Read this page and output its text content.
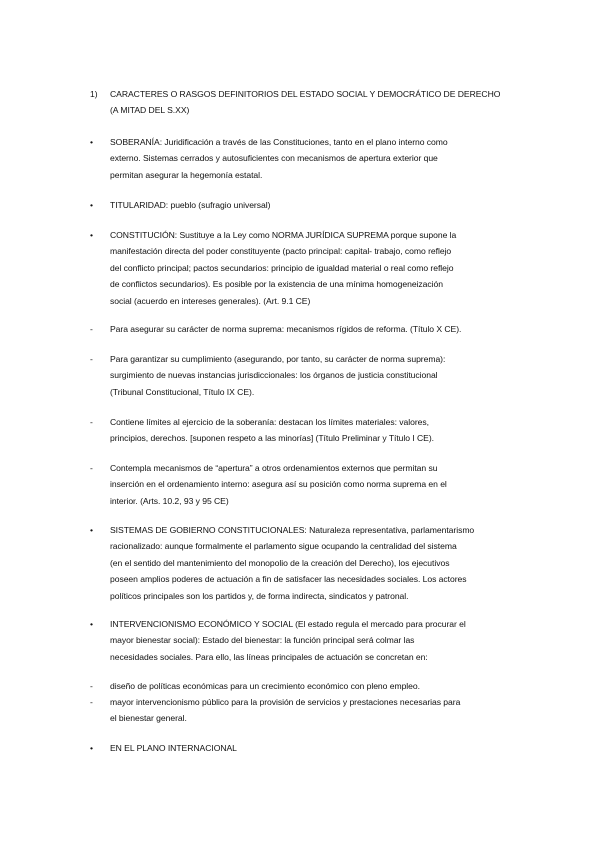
1)	CARACTERES O RASGOS DEFINITORIOS DEL ESTADO SOCIAL Y DEMOCRÁTICO DE DERECHO
(A MITAD DEL S.XX)
•	SOBERANÍA: Juridificación a través de las Constituciones, tanto en el plano interno como
externo. Sistemas cerrados y autosuficientes con mecanismos de apertura exterior que
permitan asegurar la hegemonía estatal.
•	TITULARIDAD: pueblo (sufragio universal)
•	CONSTITUCIÓN: Sustituye a la Ley como NORMA JURÍDICA SUPREMA porque supone la
manifestación directa del poder constituyente (pacto principal: capital- trabajo, como reflejo
del conflicto principal; pactos secundarios: principio de igualdad material o real como reflejo
de conflictos secundarios). Es posible por la existencia de una mínima homogeneización
social (acuerdo en intereses generales). (Art. 9.1 CE)
-	Para asegurar su carácter de norma suprema: mecanismos rígidos de reforma. (Título X CE).
-	Para garantizar su cumplimiento (asegurando, por tanto, su carácter de norma suprema):
surgimiento de nuevas instancias jurisdiccionales: los órganos de justicia constitucional
(Tribunal Constitucional, Título IX CE).
-	Contiene límites al ejercicio de la soberanía: destacan los límites materiales: valores,
principios, derechos. [suponen respeto a las minorías] (Título Preliminar y Título I CE).
-	Contempla mecanismos de “apertura” a otros ordenamientos externos que permitan su
inserción en el ordenamiento interno: asegura así su posición como norma suprema en el
interior. (Arts. 10.2, 93 y 95 CE)
•	SISTEMAS DE GOBIERNO CONSTITUCIONALES: Naturaleza representativa, parlamentarismo
racionalizado: aunque formalmente el parlamento sigue ocupando la centralidad del sistema
(en el sentido del mantenimiento del monopolio de la creación del Derecho), los ejecutivos
poseen amplios poderes de actuación a fin de satisfacer las necesidades sociales. Los actores
políticos principales son los partidos y, de forma indirecta, sindicatos y patronal.
•	INTERVENCIONISMO ECONÓMICO Y SOCIAL (El estado regula el mercado para procurar el
mayor bienestar social): Estado del bienestar: la función principal será colmar las
necesidades sociales. Para ello, las líneas principales de actuación se concretan en:
-	diseño de políticas económicas para un crecimiento económico con pleno empleo.
-	mayor intervencionismo público para la provisión de servicios y prestaciones necesarias para
el bienestar general.
•	EN EL PLANO INTERNACIONAL
